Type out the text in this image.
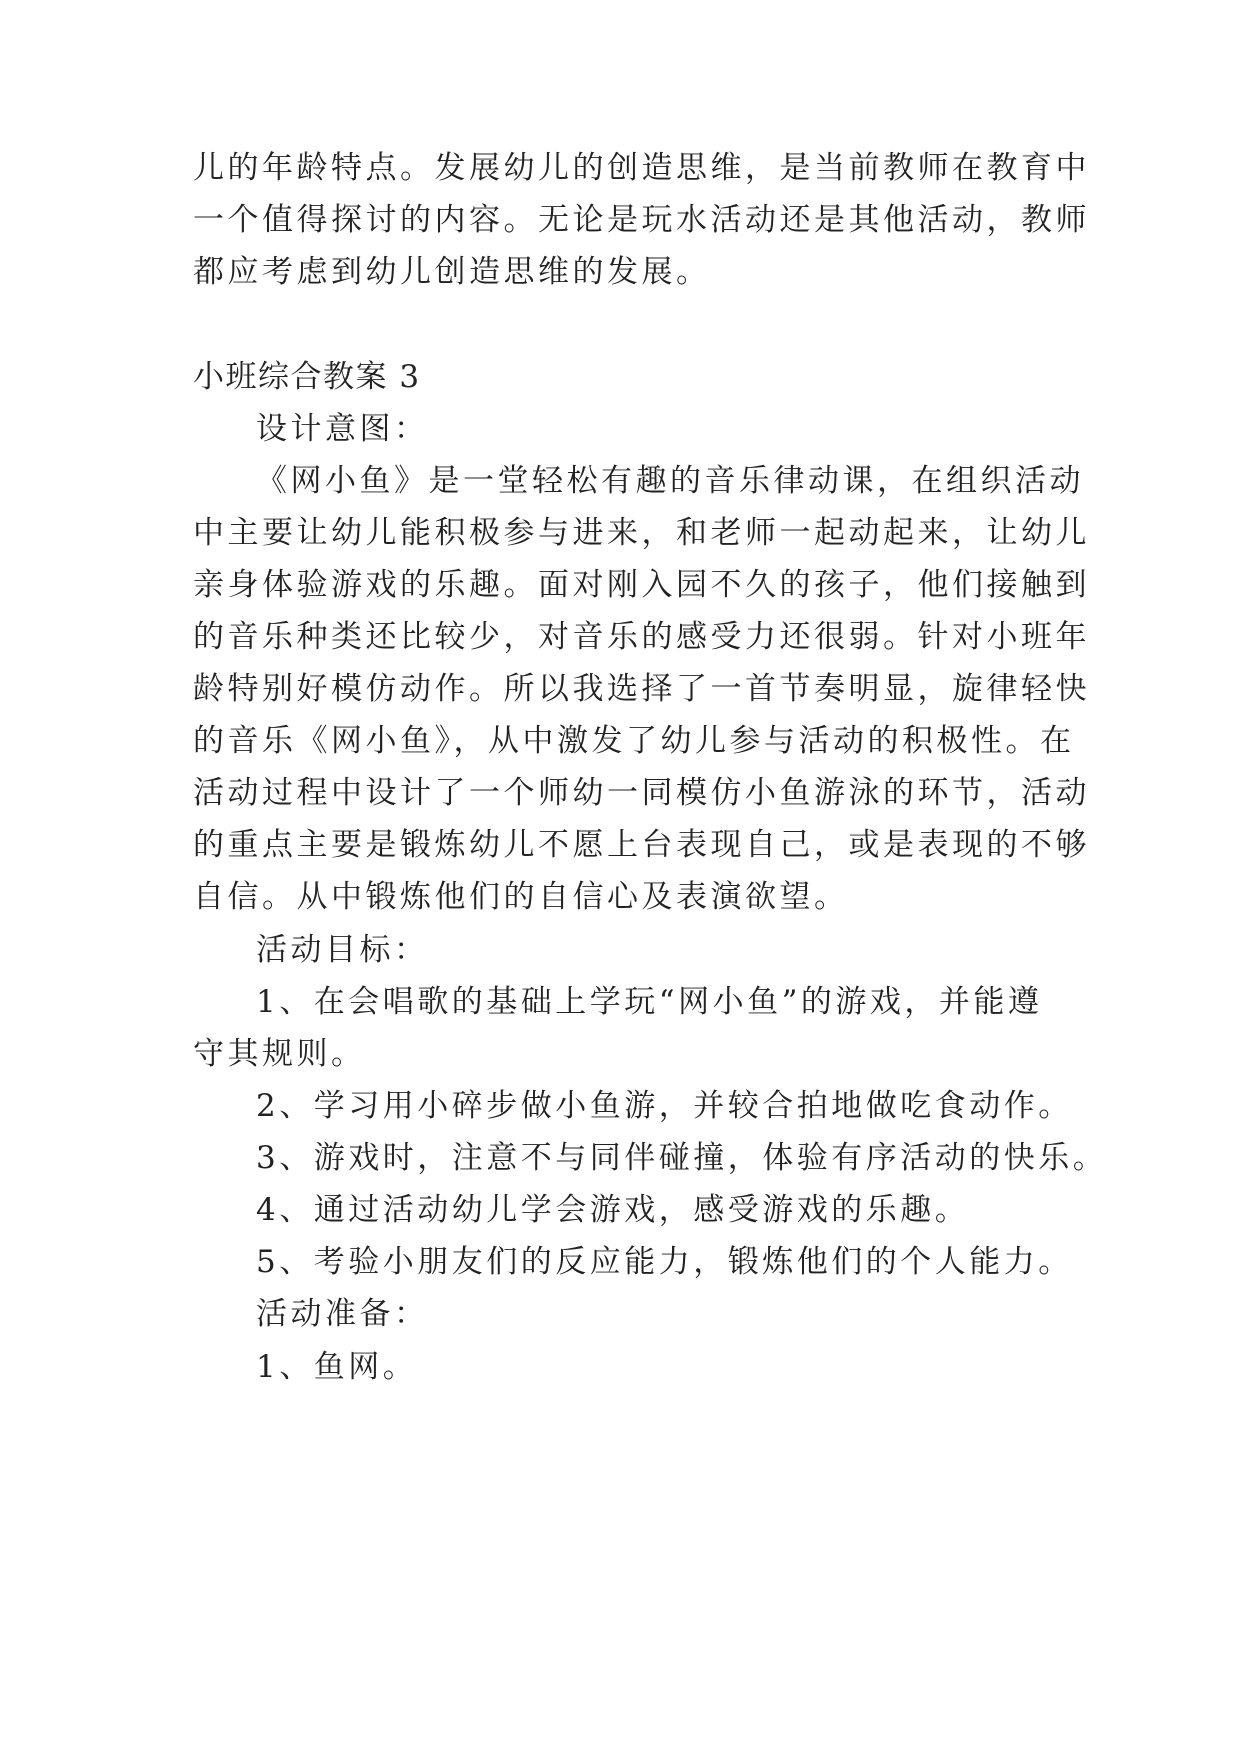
儿的年龄特点。发展幼儿的创造思维，是当前教师在教育中

一个值得探讨的内容。无论是玩水活动还是其他活动，教师

都应考虑到幼儿创造思维的发展。

小班综合教案 3

设计意图：

《网小鱼》是一堂轻松有趣的音乐律动课，在组织活动

中主要让幼儿能积极参与进来，和老师一起动起来，让幼儿

亲身体验游戏的乐趣。面对刚入园不久的孩子，他们接触到

的音乐种类还比较少，对音乐的感受力还很弱。针对小班年

龄特别好模仿动作。所以我选择了一首节奏明显，旋律轻快

的音乐《网小鱼》，从中激发了幼儿参与活动的积极性。在

活动过程中设计了一个师幼一同模仿小鱼游泳的环节，活动

的重点主要是锻炼幼儿不愿上台表现自己，或是表现的不够

自信。从中锻炼他们的自信心及表演欲望。

活动目标：

1、在会唱歌的基础上学玩“网小鱼”的游戏，并能遵

守其规则。

2、学习用小碎步做小鱼游，并较合拍地做吃食动作。

3、游戏时，注意不与同伴碰撞，体验有序活动的快乐。

4、通过活动幼儿学会游戏，感受游戏的乐趣。

5、考验小朋友们的反应能力，锻炼他们的个人能力。

活动准备：

1、鱼网。
